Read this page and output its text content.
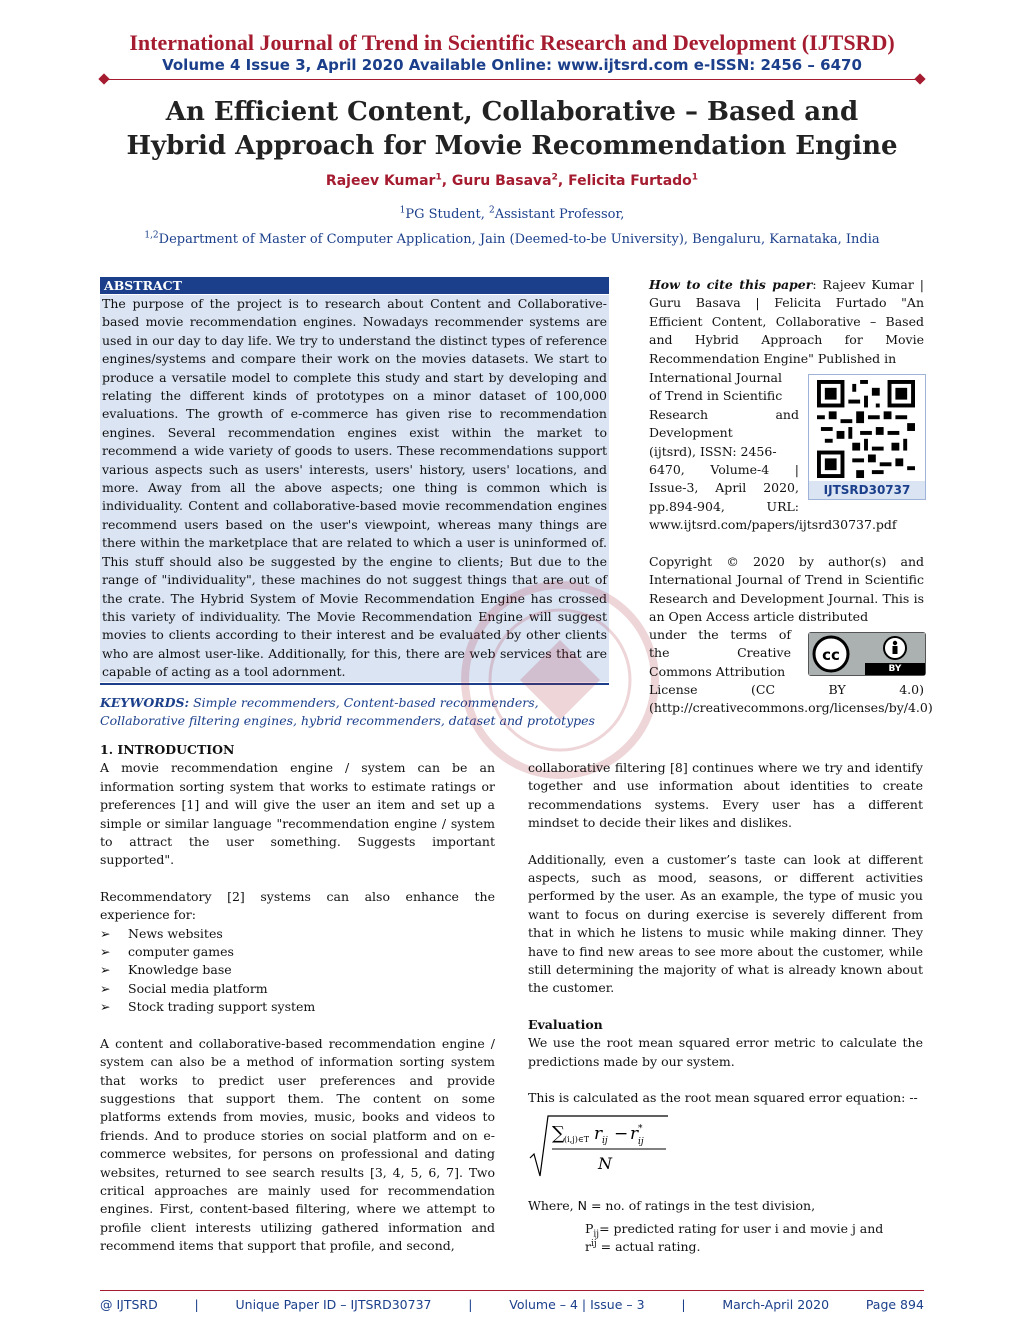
International Journal of Trend in Scientific Research and Development (IJTSRD)
Volume 4 Issue 3, April 2020 Available Online: www.ijtsrd.com e-ISSN: 2456 – 6470
An Efficient Content, Collaborative – Based and
Hybrid Approach for Movie Recommendation Engine
Rajeev Kumar$^1$, Guru Basava$^2$, Felicita Furtado$^1$
$^1$PG Student, $^2$Assistant Professor,
$^{1,2}$Department of Master of Computer Application, Jain (Deemed-to-be University), Bengaluru, Karnataka, India
ABSTRACT
The purpose of the project is to research about Content and Collaborative-based movie recommendation engines. Nowadays recommender systems are used in our day to day life. We try to understand the distinct types of reference engines/systems and compare their work on the movies datasets. We start to produce a versatile model to complete this study and start by developing and relating the different kinds of prototypes on a minor dataset of 100,000 evaluations. The growth of e-commerce has given rise to recommendation engines. Several recommendation engines exist within the market to recommend a wide variety of goods to users. These recommendations support various aspects such as users' interests, users' history, users' locations, and more. Away from all the above aspects; one thing is common which is individuality. Content and collaborative-based movie recommendation engines recommend users based on the user's viewpoint, whereas many things are there within the marketplace that are related to which a user is uninformed of. This stuff should also be suggested by the engine to clients; But due to the range of "individuality", these machines do not suggest things that are out of the crate. The Hybrid System of Movie Recommendation Engine has crossed this variety of individuality. The Movie Recommendation Engine will suggest movies to clients according to their interest and be evaluated by other clients who are almost user-like. Additionally, for this, there are web services that are capable of acting as a tool adornment.
KEYWORDS: Simple recommenders, Content-based recommenders, Collaborative filtering engines, hybrid recommenders, dataset and prototypes
How to cite this paper: Rajeev Kumar | Guru Basava | Felicita Furtado "An Efficient Content, Collaborative – Based and Hybrid Approach for Movie Recommendation Engine" Published in
International Journal
of Trend in Scientific
Research and
Development
(ijtsrd), ISSN: 2456-
6470, Volume-4 |
Issue-3, April 2020,
pp.894-904, URL:
www.ijtsrd.com/papers/ijtsrd30737.pdf
IJTSRD30737
Copyright © 2020 by author(s) and International Journal of Trend in Scientific Research and Development Journal. This is an Open Access article distributed
under the terms of
the Creative
Commons Attribution
License (CC BY 4.0) (http://creativecommons.org/licenses/by/4.0)
cc
BY
1. INTRODUCTION
A movie recommendation engine / system can be an information sorting system that works to estimate ratings or preferences [1] and will give the user an item and set up a simple or similar language "recommendation engine / system to attract the user something. Suggests important supported".
Recommendatory [2] systems can also enhance the experience for:
➢ News websites
➢ computer games
➢ Knowledge base
➢ Social media platform
➢ Stock trading support system
A content and collaborative-based recommendation engine / system can also be a method of information sorting system that works to predict user preferences and provide suggestions that support them. The content on some platforms extends from movies, music, books and videos to friends. And to produce stories on social platform and on e-commerce websites, for persons on professional and dating websites, returned to see search results [3, 4, 5, 6, 7]. Two critical approaches are mainly used for recommendation engines. First, content-based filtering, where we attempt to profile client interests utilizing gathered information and recommend items that support that profile, and second,
collaborative filtering [8] continues where we try and identify together and use information about identities to create recommendations systems. Every user has a different mindset to decide their likes and dislikes.
Additionally, even a customer’s taste can look at different aspects, such as mood, seasons, or different activities performed by the user. As an example, the type of music you want to focus on during exercise is severely different from that in which he listens to music while making dinner. They have to find new areas to see more about the customer, while still determining the majority of what is already known about the customer.
Evaluation
We use the root mean squared error metric to calculate the predictions made by our system.
This is calculated as the root mean squared error equation: --
∑ (i,j)∈T r ij − r *
ij
N
Where, N = no. of ratings in the test division,
$P_{ij}=$ predicted rating for user i and movie j and
$r^{ij}$ = actual rating.
@ IJTSRD	|	Unique Paper ID – IJTSRD30737	|	Volume – 4 | Issue – 3	|	March-April 2020	Page 894
